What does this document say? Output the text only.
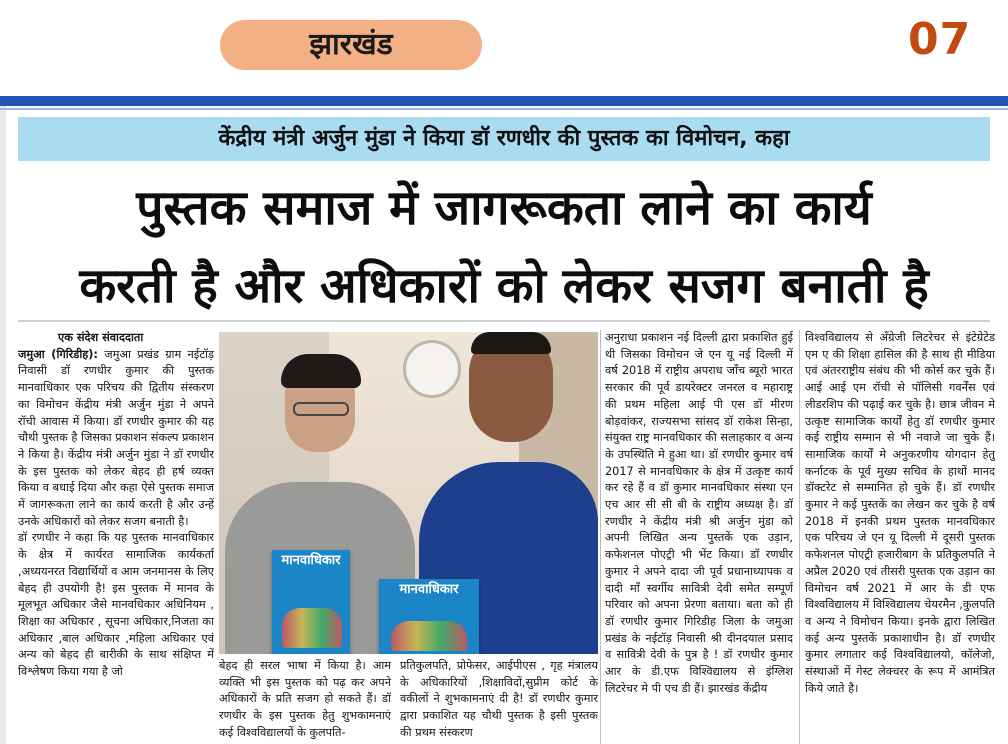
झारखंड	07
केंद्रीय मंत्री अर्जुन मुंडा ने किया डॉ रणधीर की पुस्तक का विमोचन, कहा
पुस्तक समाज में जागरूकता लाने का कार्य
करती है और अधिकारों को लेकर सजग बनाती है

एक संदेश संवाददाता

जमुआ (गिरिडीह): जमुआ प्रखंड ग्राम नईटॉड़ निवासी डॉ रणधीर कुमार की पुस्तक मानवाधिकार एक परिचय की द्वितीय संस्करण का विमोचन केंद्रीय मंत्री अर्जुन मुंडा ने अपने रॉची आवास में किया। डॉ रणधीर कुमार की यह चौथी पुस्तक है जिसका प्रकाशन संकल्प प्रकाशन ने किया है। केंद्रीय मंत्री अर्जुन मुंडा ने डॉ रणधीर के इस पुस्तक को लेकर बेहद ही हर्ष व्यक्त किया व बधाई दिया और कहा ऐसे पुस्तक समाज में जागरूकता लाने का कार्य करती है और उन्हें उनके अधिकारों को लेकर सजग बनाती है।

डॉ रणधीर ने कहा कि यह पुस्तक मानवाधिकार के क्षेत्र में कार्यरत सामाजिक कार्यकर्ता ,अध्ययनरत विद्यार्थियों व आम जनमानस के लिए बेहद ही उपयोगी है! इस पुस्तक में मानव के मूलभूत अधिकार जैसे मानवधिकार अधिनियम , शिक्षा का अधिकार , सूचना अधिकार,निजता का अधिकार ,बाल अधिकार ,महिला अधिकार एवं अन्य को बेहद ही बारीकी के साथ संक्षिप्त में विश्लेषण किया गया है जो

मानवाधिकार
मानवाधिकार

बेहद ही सरल भाषा में किया है। आम व्यक्ति भी इस पुस्तक को पढ़ कर अपने अधिकारों के प्रति सजग हो सकते हैं। डॉ रणधीर के इस पुस्तक हेतु शुभकामनाएं कई विश्वविद्यालयों के कुलपति-

प्रतिकुलपति, प्रोफेसर, आईपीएस , गृह मंत्रालय के अधिकारियों ,शिक्षाविदों,सुप्रीम कोर्ट के वकीलों ने शुभकामनाएं दी है! डॉ रणधीर कुमार द्वारा प्रकाशित यह चौथी पुस्तक है इसी पुस्तक की प्रथम संस्करण

अनुराधा प्रकाशन नई दिल्ली द्वारा प्रकाशित हुई थी जिसका विमोचन जे एन यू नई दिल्ली में वर्ष 2018 में राष्ट्रीय अपराध जाँच ब्यूरो भारत सरकार की पूर्व डायरेक्टर जनरल व महाराष्ट्र की प्रथम महिला आई पी एस डॉ मीरण बोड़वांकर, राज्यसभा सांसद डॉ राकेश सिन्हा, संयुक्त राष्ट्र मानवधिकार की सलाहकार व अन्य के उपस्थिति मे हुआ था। डॉ रणधीर कुमार वर्ष 2017 से मानवधिकार के क्षेत्र में उत्कृष्ट कार्य कर रहे हैं व डॉ कुमार मानवधिकार संस्था एन एच आर सी सी बी के राष्ट्रीय अध्यक्ष है। डॉ रणधीर ने केंद्रीय मंत्री श्री अर्जुन मुंडा को अपनी लिखित अन्य पुस्तकें एक उड़ान, कफेशनल पोएट्री भी भेंट किया। डॉ रणधीर कुमार ने अपने दादा जी पूर्व प्रधानाध्यापक व दादी माँ स्वर्गीय सावित्री देवी समेत सम्पूर्ण परिवार को अपना प्रेरणा बताया। बता को ही डॉ रणधीर कुमार गिरिडीह जिला के जमुआ प्रखंड के नईटॉड़ निवासी श्री दीनदयाल प्रसाद व सावित्री देवी के पुत्र है ! डॉ रणधीर कुमार आर के डी.एफ विश्विद्यालय से इंग्लिश लिटरेचर मे पी एच डी हैं। झारखंड केंद्रीय

विश्वविद्यालय से अँग्रेजी लिटरेचर से इंटेग्रेटेड एम ए की शिक्षा हासिल की है साथ ही मीडिया एवं अंतरराष्ट्रीय संबंध की भी कोर्स कर चुके हैं। आई आई एम रॉची से पॉलिसी गवर्नेंस एवं लीडरशिप की पढ़ाई कर चुके है। छात्र जीवन मे उत्कृष्ट सामाजिक कार्यों हेतु डॉ रणधीर कुमार कई राष्ट्रीय सम्मान से भी नवाजे जा चुके हैं। सामाजिक कार्यों मे अनुकरणीय योगदान हेतु कर्नाटक के पूर्व मुख्य सचिव के हाथों मानद डॉक्टरेट से सम्मानित हो चुके हैं। डॉ रणधीर कुमार ने कई पुस्तकें का लेखन कर चुके है वर्ष 2018 में इनकी प्रथम पुस्तक मानवधिकार एक परिचय जे एन यू दिल्ली में दूसरी पुस्तक कफेशनल पोएट्री हजारीबाग के प्रतिकुलपति ने अप्रैल 2020 एवं तीसरी पुस्तक एक उड़ान का विमोचन वर्ष 2021 में आर के डी एफ विश्वविद्यालय में विश्विद्यालय चेयरमैन ,कुलपति व अन्य ने विमोचन किया। इनके द्वारा लिखित कई अन्य पुस्तकें प्रकाशाधीन है। डॉ रणधीर कुमार लगातार कई विश्वविद्यालयो, कॉलेजो, संस्थाओं में गेस्ट लेक्चरर के रूप में आमंत्रित किये जाते है।
